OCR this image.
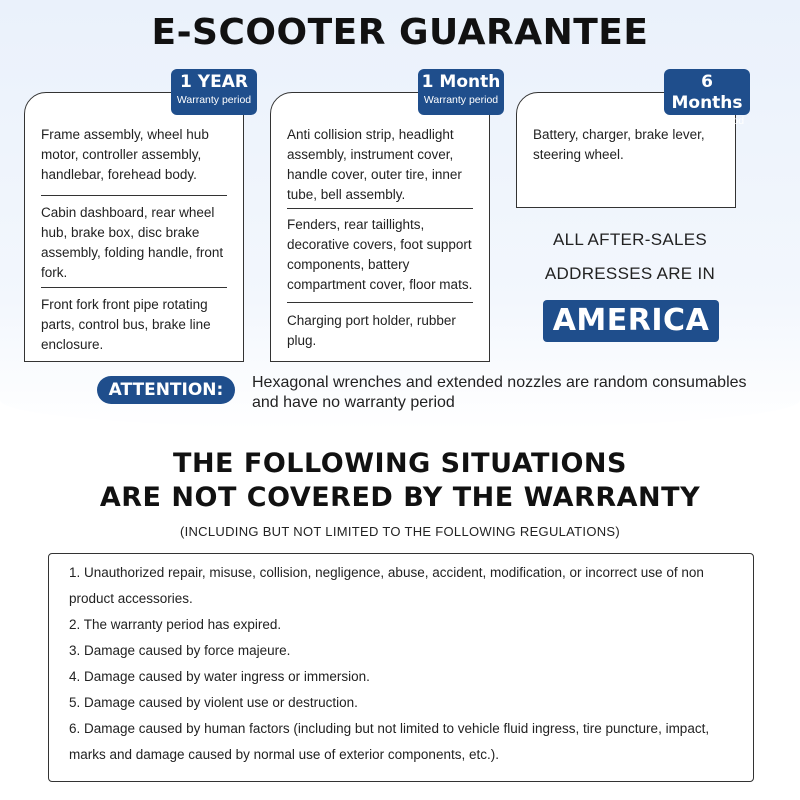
E-SCOOTER GUARANTEE
Frame assembly, wheel hub motor, controller assembly, handlebar, forehead body.
Cabin dashboard, rear wheel hub, brake box, disc brake assembly, folding handle, front fork.
Front fork front pipe rotating parts, control bus, brake line enclosure.
1 YEAR
Warranty period
Anti collision strip, headlight assembly, instrument cover, handle cover, outer tire, inner tube, bell assembly.
Fenders, rear taillights, decorative covers, foot support components, battery compartment cover, floor mats.
Charging port holder, rubber plug.
1 Month
Warranty period
Battery, charger, brake lever, steering wheel.
6 Months
Warranty period
ALL AFTER-SALES
ADDRESSES ARE IN
AMERICA
ATTENTION:	Hexagonal wrenches and extended nozzles are random consumables and have no warranty period
THE FOLLOWING SITUATIONS
ARE NOT COVERED BY THE WARRANTY
(INCLUDING BUT NOT LIMITED TO THE FOLLOWING REGULATIONS)
1. Unauthorized repair, misuse, collision, negligence, abuse, accident, modification, or incorrect use of non product accessories.
2. The warranty period has expired.
3. Damage caused by force majeure.
4. Damage caused by water ingress or immersion.
5. Damage caused by violent use or destruction.
6. Damage caused by human factors (including but not limited to vehicle fluid ingress, tire puncture, impact, marks and damage caused by normal use of exterior components, etc.).
